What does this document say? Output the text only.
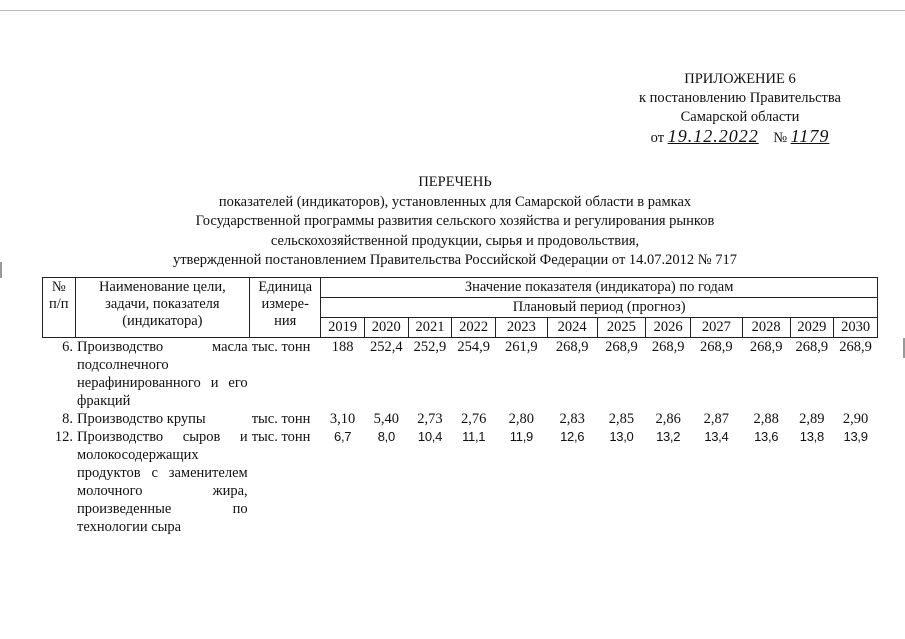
ПРИЛОЖЕНИЕ 6
к постановлению Правительства
Самарской области
от 19.12.2022 № 1179
ПЕРЕЧЕНЬ
показателей (индикаторов), установленных для Самарской области в рамках
Государственной программы развития сельского хозяйства и регулирования рынков
сельскохозяйственной продукции, сырья и продовольствия,
утвержденной постановлением Правительства Российской Федерации от 14.07.2012 № 717
№ п/п	Наименование цели, задачи, показателя (индикатора)	Единица измере-ния	Значение показателя (индикатора) по годам											
			Плановый период (прогноз)											
			2019	2020	2021	2022	2023	2024	2025	2026	2027	2028	2029	2030
6.	Производство масла подсолнечного нерафинированного и его фракций	тыс. тонн	188	252,4	252,9	254,9	261,9	268,9	268,9	268,9	268,9	268,9	268,9	268,9
8.	Производство крупы	тыс. тонн	3,10	5,40	2,73	2,76	2,80	2,83	2,85	2,86	2,87	2,88	2,89	2,90
12.	Производство сыров и молокосодержащих продуктов с заменителем молочного жира, произведенные по технологии сыра	тыс. тонн	6,7	8,0	10,4	11,1	11,9	12,6	13,0	13,2	13,4	13,6	13,8	13,9
